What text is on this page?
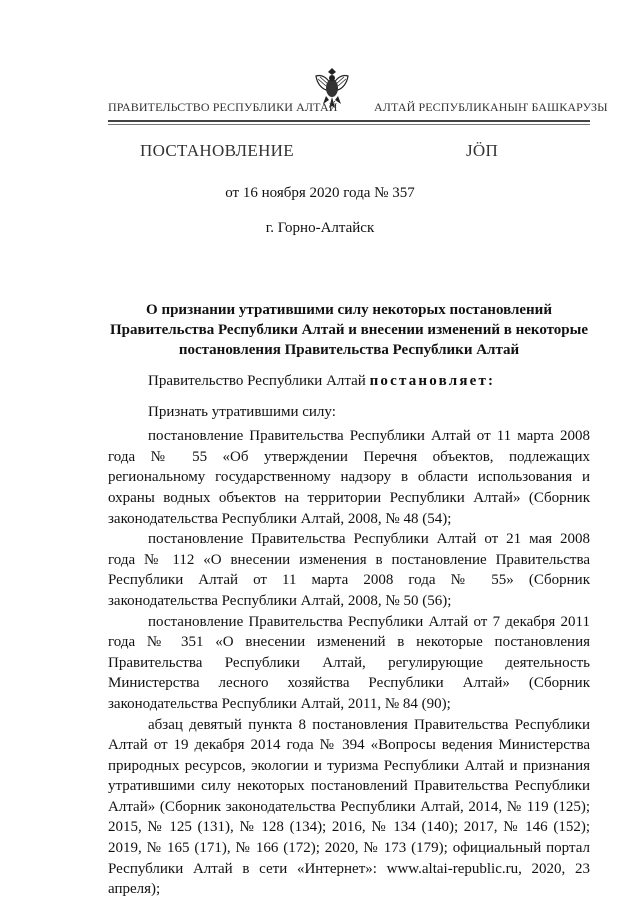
ПРАВИТЕЛЬСТВО РЕСПУБЛИКИ АЛТАЙ	АЛТАЙ РЕСПУБЛИКАНЫҤ БАШКАРУЗЫ
ПОСТАНОВЛЕНИЕ	ЈӦП
от 16 ноября 2020 года № 357
г. Горно-Алтайск
О признании утратившими силу некоторых постановлений
Правительства Республики Алтай и внесении изменений в некоторые
постановления Правительства Республики Алтай

Правительство Республики Алтай постановляет:

Признать утратившими силу:

постановление Правительства Республики Алтай от 11 марта 2008 года № 55 «Об утверждении Перечня объектов, подлежащих региональному государственному надзору в области использования и охраны водных объектов на территории Республики Алтай» (Сборник законодательства Республики Алтай, 2008, № 48 (54);

постановление Правительства Республики Алтай от 21 мая 2008 года № 112 «О внесении изменения в постановление Правительства Республики Алтай от 11 марта 2008 года № 55» (Сборник законодательства Республики Алтай, 2008, № 50 (56);

постановление Правительства Республики Алтай от 7 декабря 2011 года № 351 «О внесении изменений в некоторые постановления Правительства Республики Алтай, регулирующие деятельность Министерства лесного хозяйства Республики Алтай» (Сборник законодательства Республики Алтай, 2011, № 84 (90);

абзац девятый пункта 8 постановления Правительства Республики Алтай от 19 декабря 2014 года № 394 «Вопросы ведения Министерства природных ресурсов, экологии и туризма Республики Алтай и признания утратившими силу некоторых постановлений Правительства Республики Алтай» (Сборник законодательства Республики Алтай, 2014, № 119 (125); 2015, № 125 (131), № 128 (134); 2016, № 134 (140); 2017, № 146 (152); 2019, № 165 (171), № 166 (172); 2020, № 173 (179); официальный портал Республики Алтай в сети «Интернет»: www.altai-republic.ru, 2020, 23 апреля);
